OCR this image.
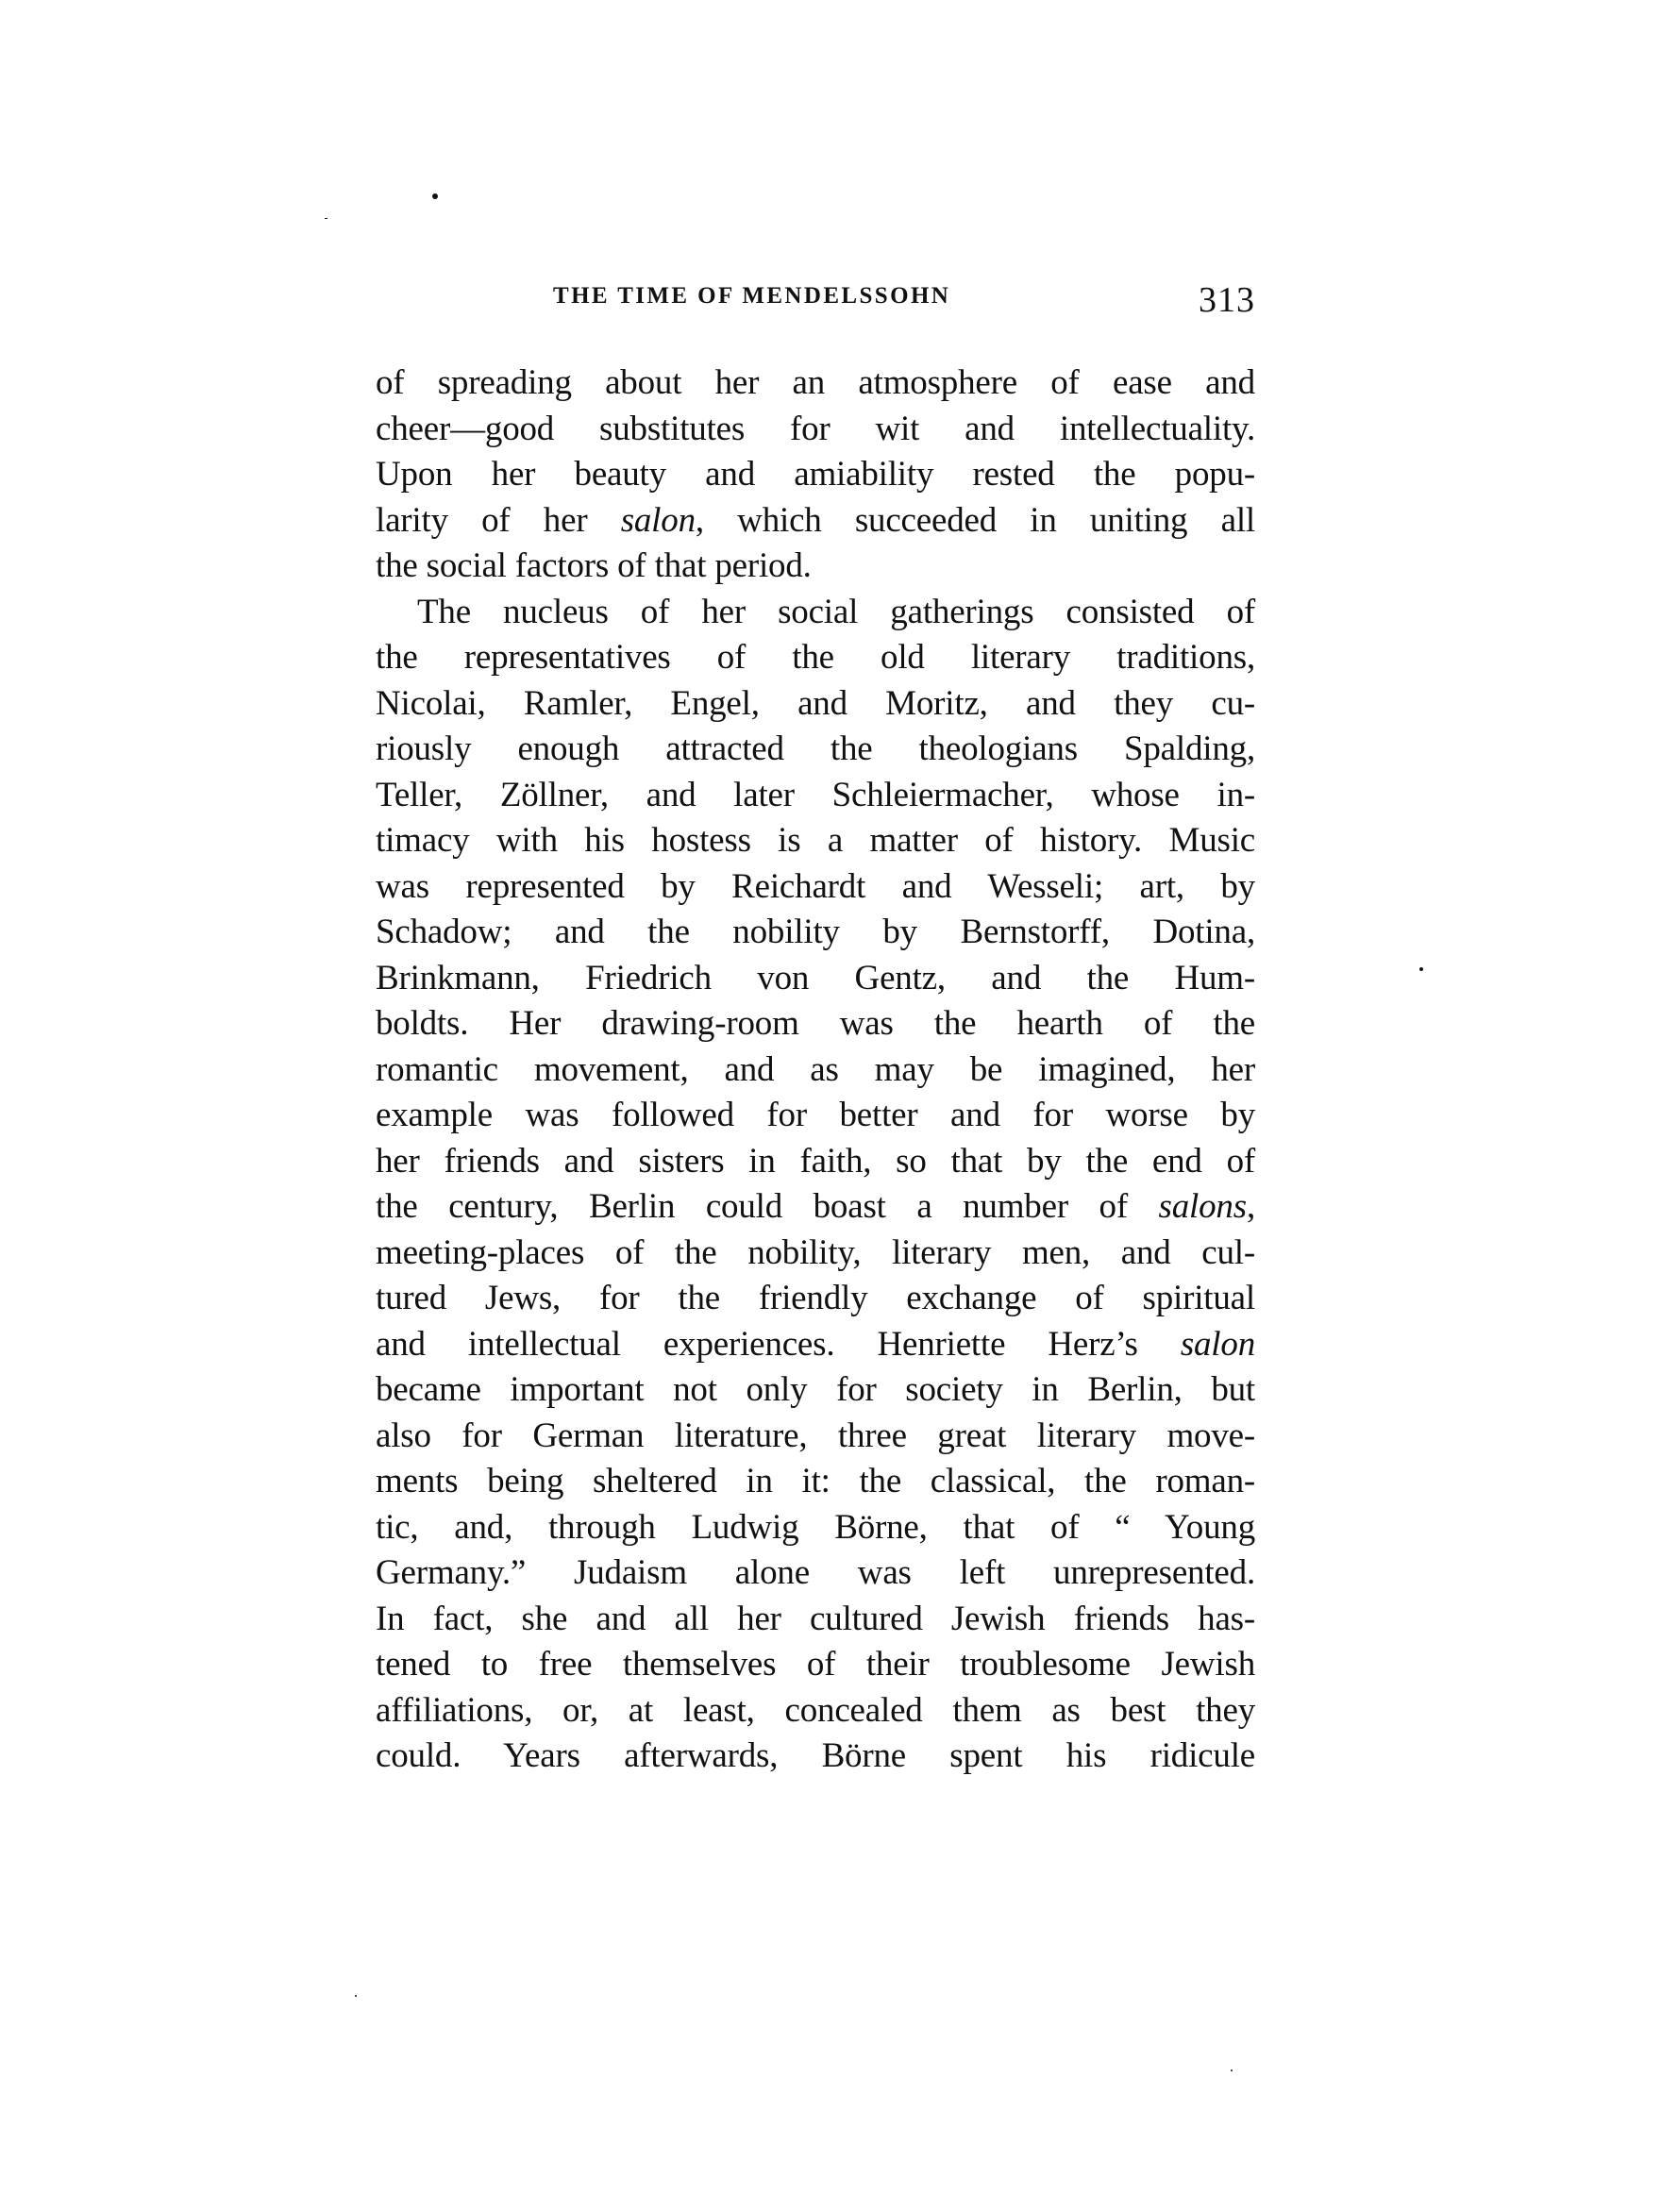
THE TIME OF MENDELSSOHN	313
of spreading about her an atmosphere of ease and
cheer—good substitutes for wit and intellectuality.
Upon her beauty and amiability rested the popu-
larity of her salon, which succeeded in uniting all
the social factors of that period.
The nucleus of her social gatherings consisted of
the representatives of the old literary traditions,
Nicolai, Ramler, Engel, and Moritz, and they cu-
riously enough attracted the theologians Spalding,
Teller, Zöllner, and later Schleiermacher, whose in-
timacy with his hostess is a matter of history. Music
was represented by Reichardt and Wesseli; art, by
Schadow; and the nobility by Bernstorff, Dotina,
Brinkmann, Friedrich von Gentz, and the Hum-
boldts. Her drawing-room was the hearth of the
romantic movement, and as may be imagined, her
example was followed for better and for worse by
her friends and sisters in faith, so that by the end of
the century, Berlin could boast a number of salons,
meeting-places of the nobility, literary men, and cul-
tured Jews, for the friendly exchange of spiritual
and intellectual experiences. Henriette Herz’s salon
became important not only for society in Berlin, but
also for German literature, three great literary move-
ments being sheltered in it: the classical, the roman-
tic, and, through Ludwig Börne, that of “ Young
Germany.” Judaism alone was left unrepresented.
In fact, she and all her cultured Jewish friends has-
tened to free themselves of their troublesome Jewish
affiliations, or, at least, concealed them as best they
could. Years afterwards, Börne spent his ridicule
